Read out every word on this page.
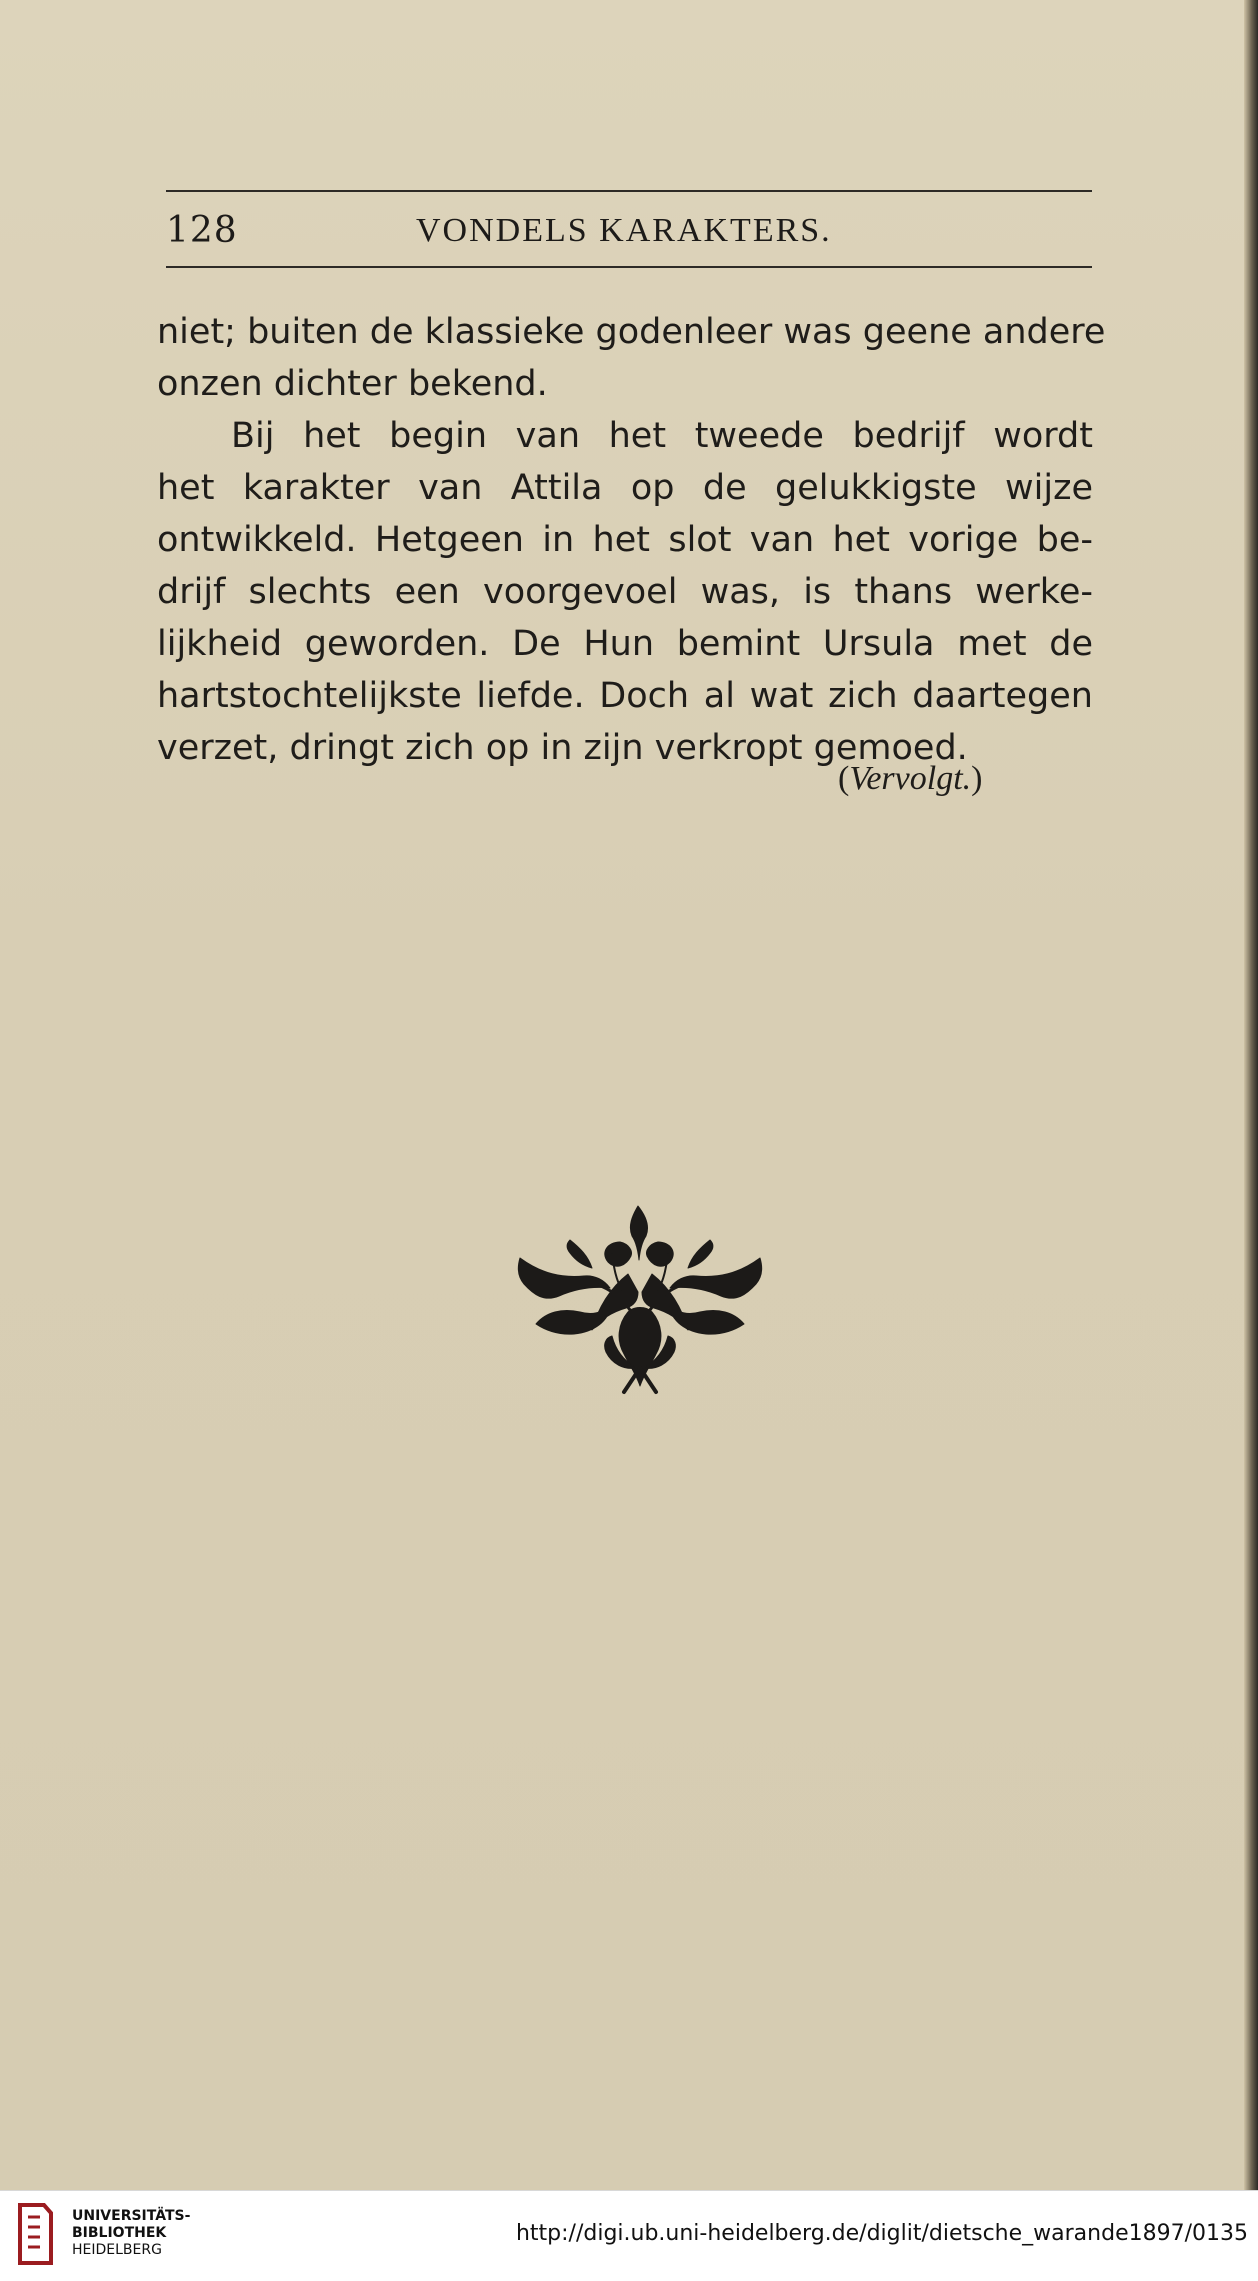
128	VONDELS KARAKTERS.
niet; buiten de klassieke godenleer was geene andere
onzen dichter bekend.
Bij het begin van het tweede bedrijf wordt
het karakter van Attila op de gelukkigste wijze
ontwikkeld. Hetgeen in het slot van het vorige be-
drijf slechts een voorgevoel was, is thans werke-
lijkheid geworden. De Hun bemint Ursula met de
hartstochtelijkste liefde. Doch al wat zich daartegen
verzet, dringt zich op in zijn verkropt gemoed.
(Vervolgt.)
UNIVERSITÄTS-
BIBLIOTHEK
HEIDELBERG
http://digi.ub.uni-heidelberg.de/diglit/dietsche_warande1897/0135
